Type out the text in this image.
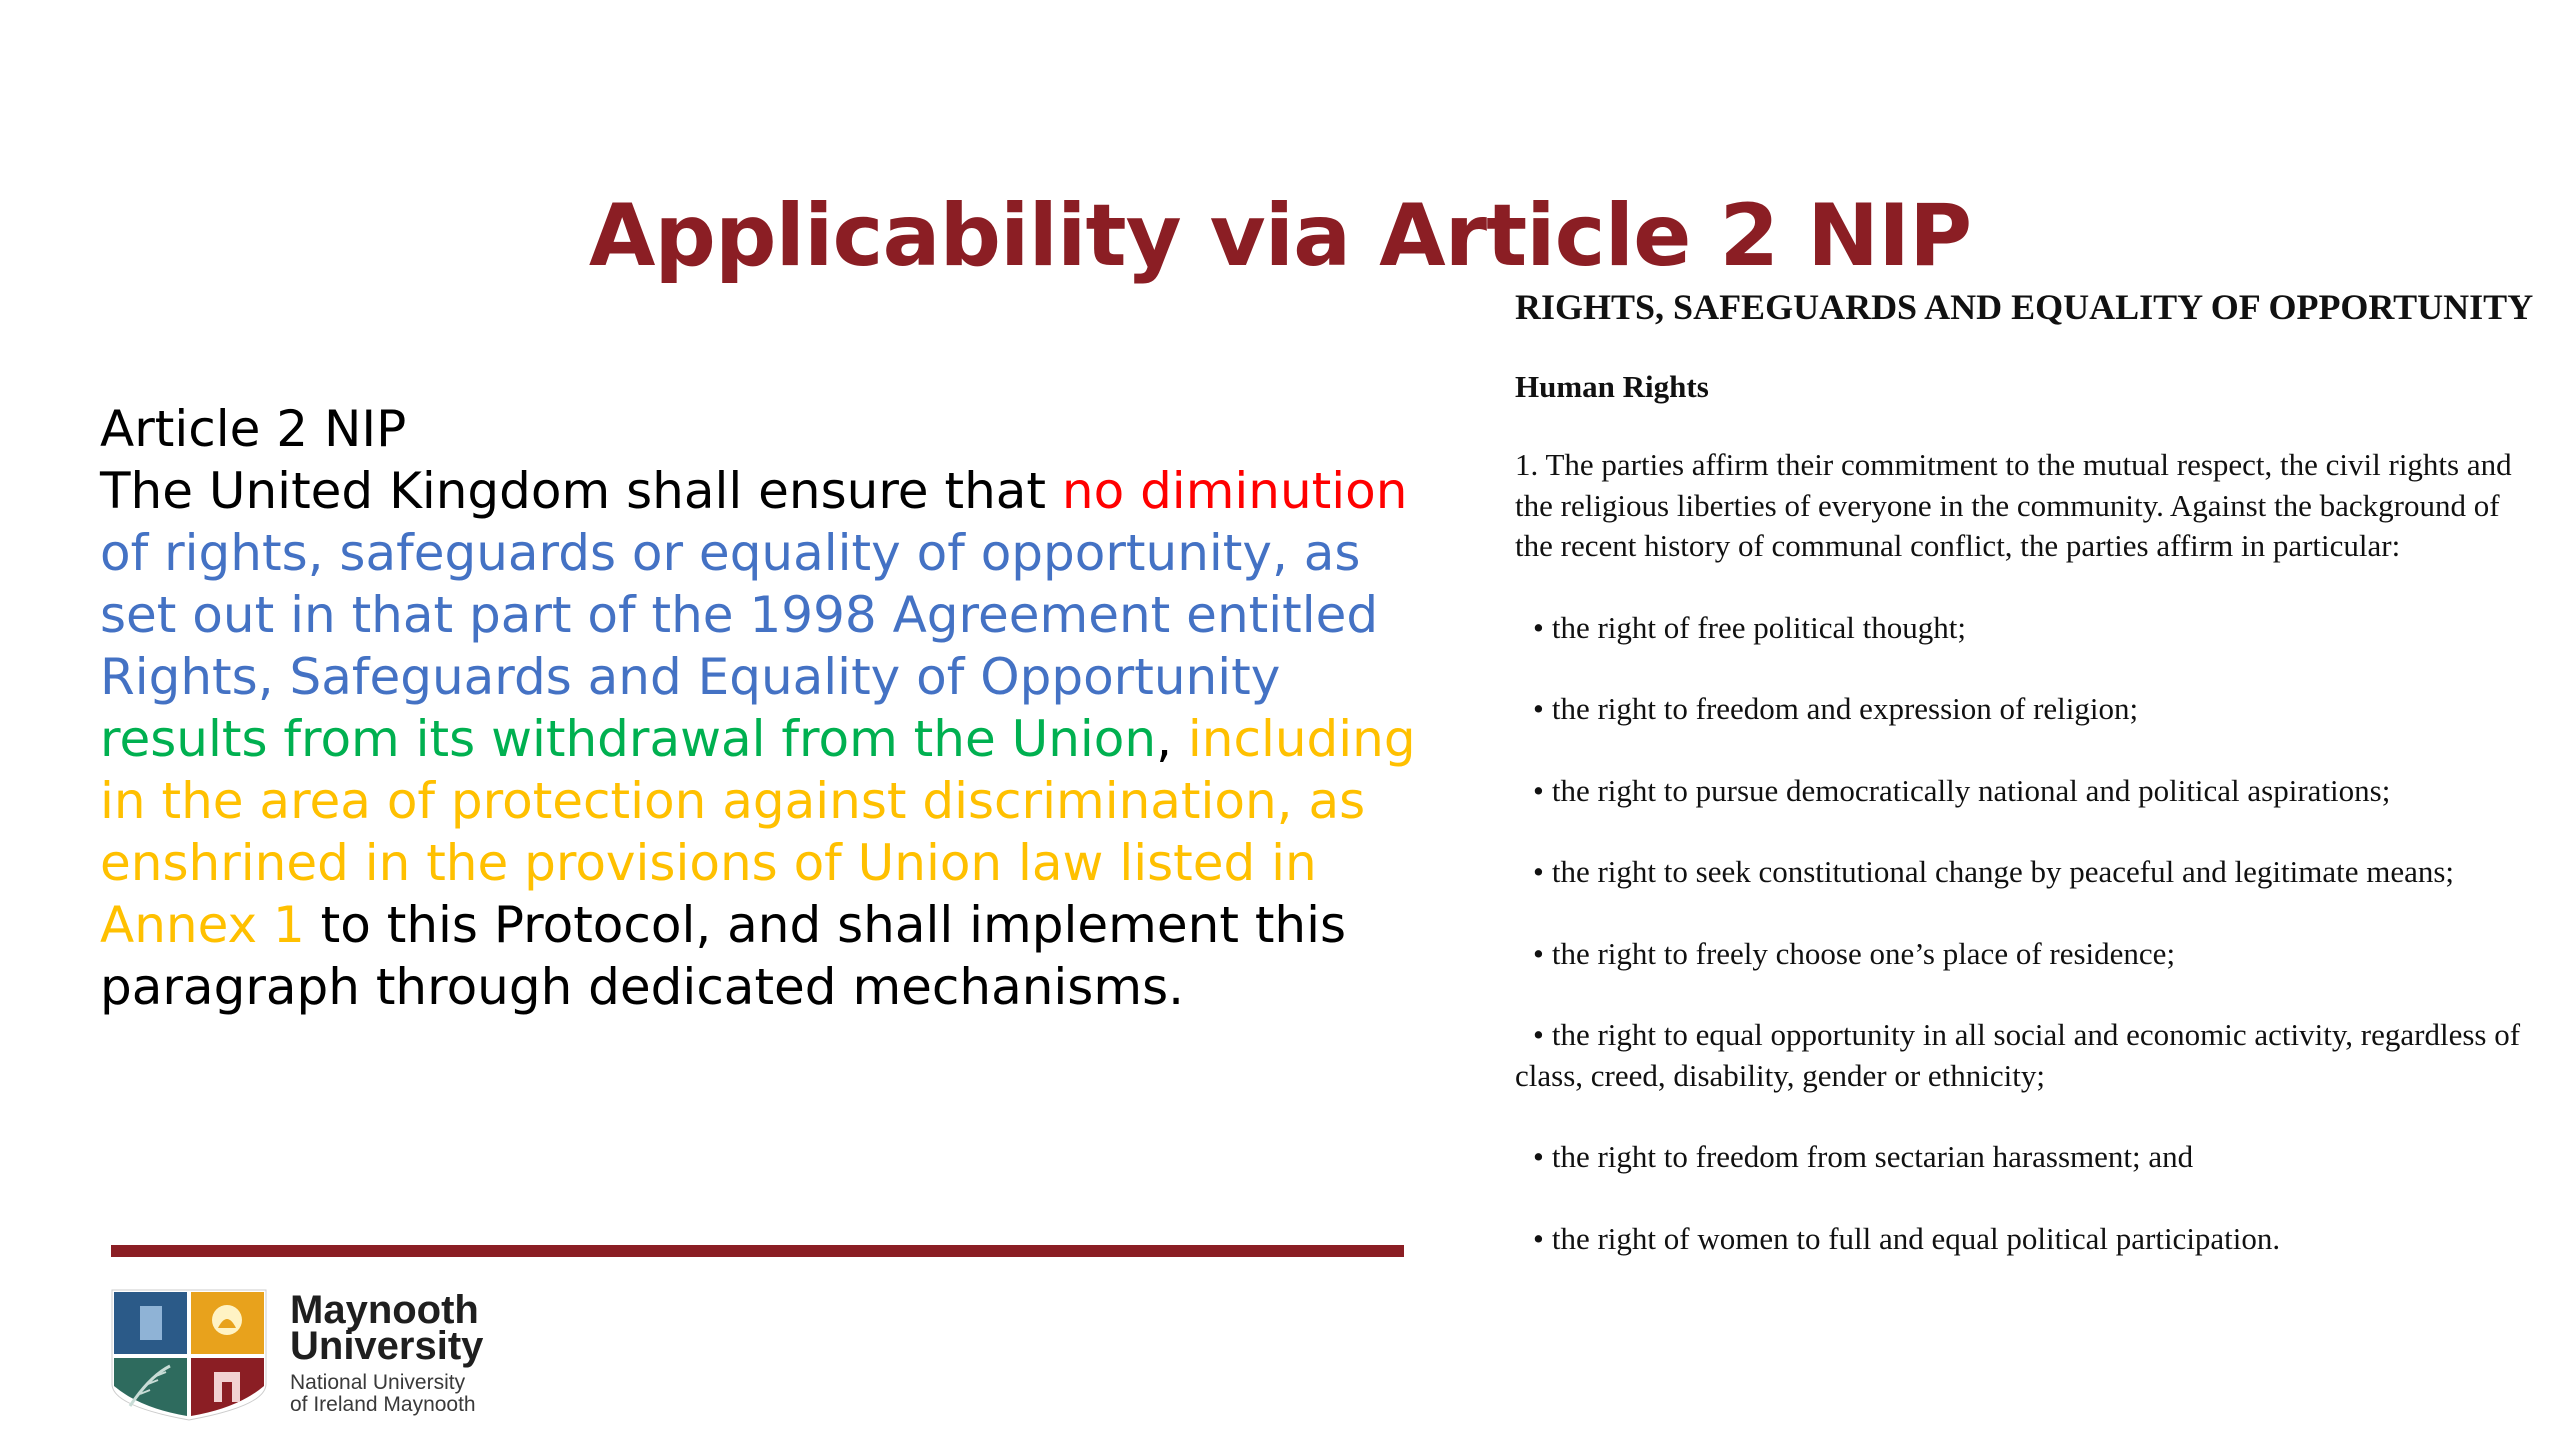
Applicability via Article 2 NIP
Article 2 NIP
The United Kingdom shall ensure that no diminution of rights, safeguards or equality of opportunity, as set out in that part of the 1998 Agreement entitled Rights, Safeguards and Equality of Opportunity results from its withdrawal from the Union, including in the area of protection against discrimination, as enshrined in the provisions of Union law listed in Annex 1 to this Protocol, and shall implement this paragraph through dedicated mechanisms.
Maynooth
University
National University
of Ireland Maynooth

RIGHTS, SAFEGUARDS AND EQUALITY OF OPPORTUNITY

Human Rights

1. The parties affirm their commitment to the mutual respect, the civil rights and the religious liberties of everyone in the community. Against the background of the recent history of communal conflict, the parties affirm in particular:

• the right of free political thought;
• the right to freedom and expression of religion;
• the right to pursue democratically national and political aspirations;
• the right to seek constitutional change by peaceful and legitimate means;
• the right to freely choose one’s place of residence;
• the right to equal opportunity in all social and economic activity, regardless of class, creed, disability, gender or ethnicity;
• the right to freedom from sectarian harassment; and
• the right of women to full and equal political participation.
